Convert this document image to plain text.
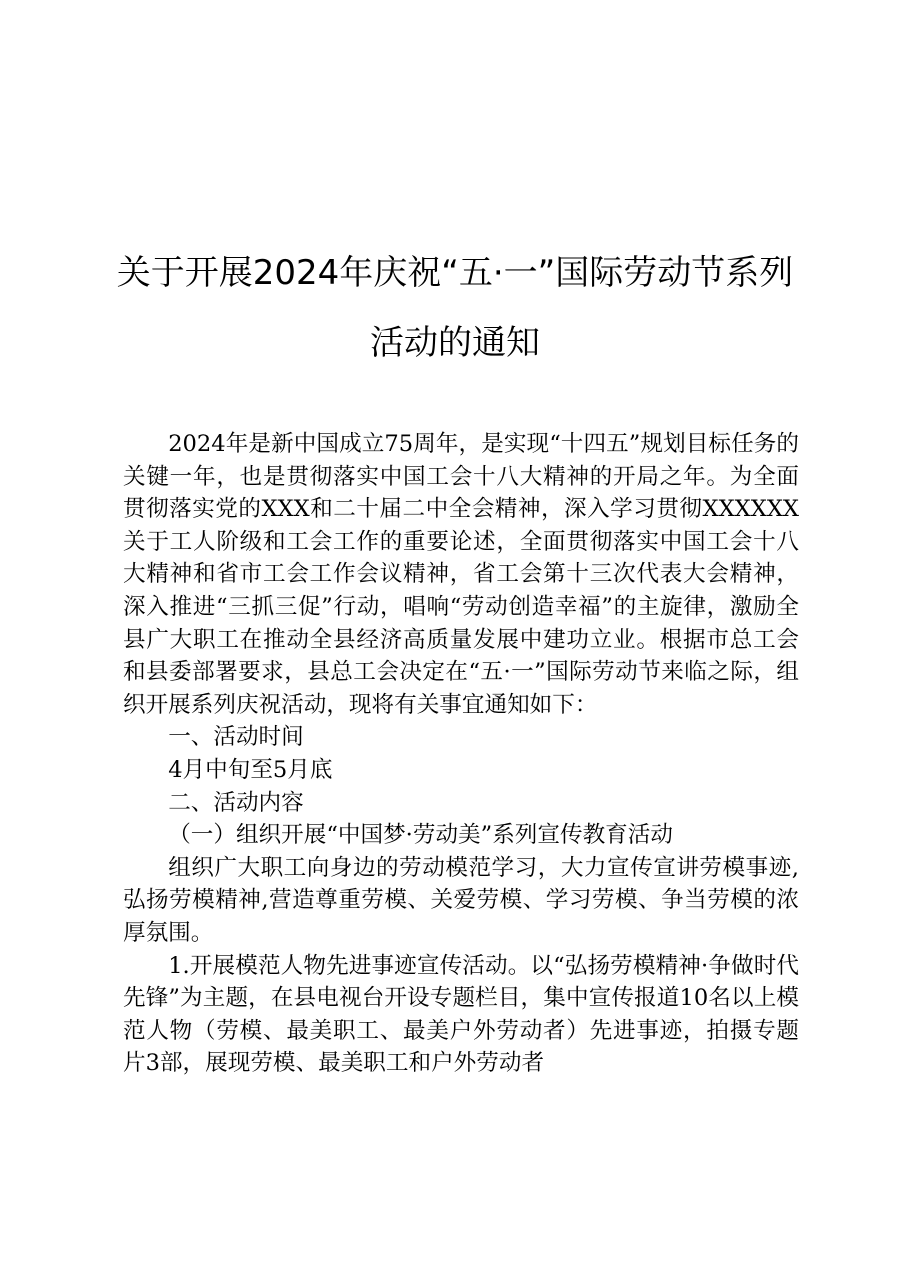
关于开展2024年庆祝“五·一”国际劳动节系列活动的通知

2024年是新中国成立75周年，是实现“十四五”规划目标任务的关键一年，也是贯彻落实中国工会十八大精神的开局之年。为全面贯彻落实党的XXX和二十届二中全会精神，深入学习贯彻XXXXXX关于工人阶级和工会工作的重要论述，全面贯彻落实中国工会十八大精神和省市工会工作会议精神，省工会第十三次代表大会精神，深入推进“三抓三促”行动，唱响“劳动创造幸福”的主旋律，激励全县广大职工在推动全县经济高质量发展中建功立业。根据市总工会和县委部署要求，县总工会决定在“五·一”国际劳动节来临之际，组织开展系列庆祝活动，现将有关事宜通知如下：

一、活动时间

4月中旬至5月底

二、活动内容

（一）组织开展“中国梦·劳动美”系列宣传教育活动

组织广大职工向身边的劳动模范学习，大力宣传宣讲劳模事迹,弘扬劳模精神,营造尊重劳模、关爱劳模、学习劳模、争当劳模的浓厚氛围。

1.开展模范人物先进事迹宣传活动。以“弘扬劳模精神·争做时代先锋”为主题，在县电视台开设专题栏目，集中宣传报道10名以上模范人物（劳模、最美职工、最美户外劳动者）先进事迹，拍摄专题片3部，展现劳模、最美职工和户外劳动者
